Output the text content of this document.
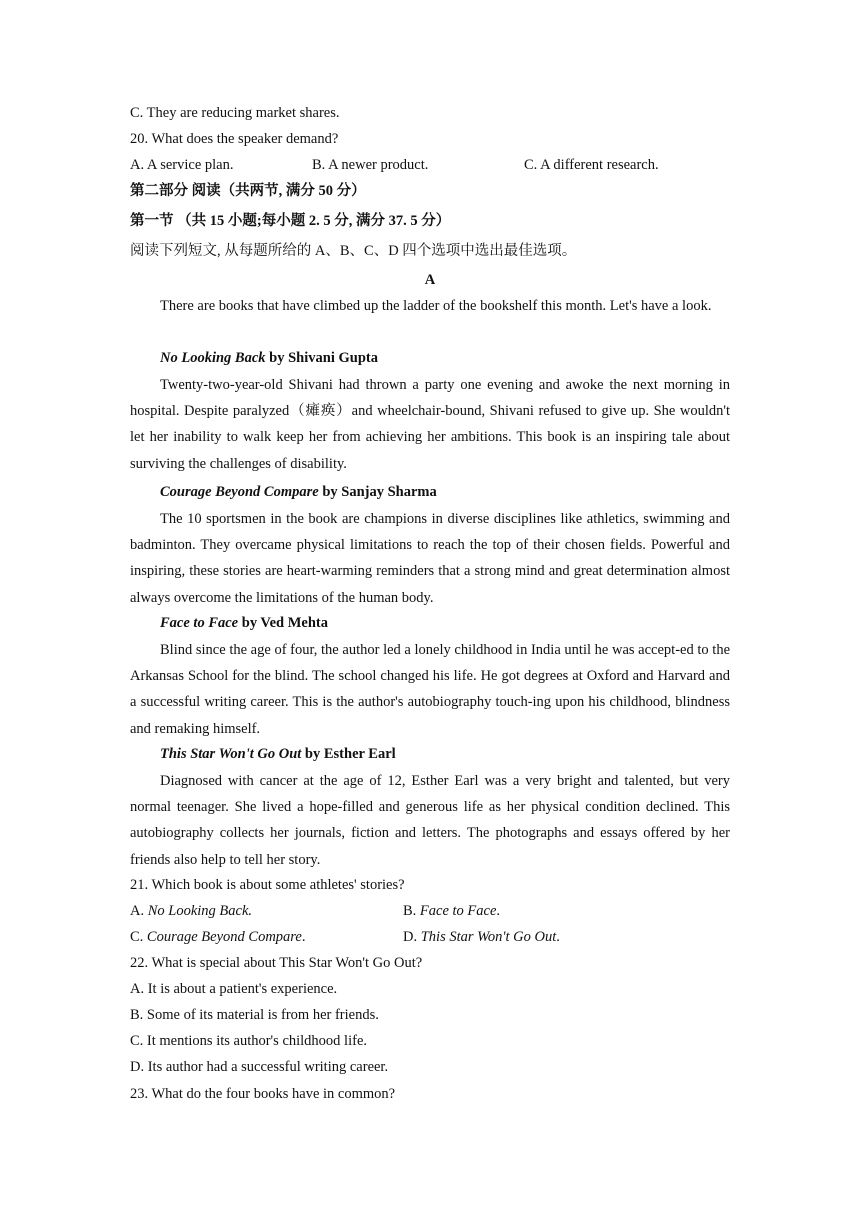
C. They are reducing market shares.
20. What does the speaker demand?
A. A service plan.	B. A newer product.	C. A different research.
第二部分 阅读（共两节, 满分 50 分）
第一节 （共 15 小题;每小题 2. 5 分, 满分 37. 5 分）
阅读下列短文, 从每题所给的 A、B、C、D 四个选项中选出最佳选项。
A

There are books that have climbed up the ladder of the bookshelf this month. Let's have a look.

No Looking Back by Shivani Gupta

Twenty-two-year-old Shivani had thrown a party one evening and awoke the next morning in hospital. Despite paralyzed（瘫痪）and wheelchair-bound, Shivani refused to give up. She wouldn't let her inability to walk keep her from achieving her ambitions. This book is an inspiring tale about surviving the challenges of disability.

Courage Beyond Compare by Sanjay Sharma

The 10 sportsmen in the book are champions in diverse disciplines like athletics, swimming and badminton. They overcame physical limitations to reach the top of their chosen fields. Powerful and inspiring, these stories are heart-warming reminders that a strong mind and great determination almost always overcome the limitations of the human body.

Face to Face by Ved Mehta

Blind since the age of four, the author led a lonely childhood in India until he was accept-ed to the Arkansas School for the blind. The school changed his life. He got degrees at Oxford and Harvard and a successful writing career. This is the author's autobiography touch-ing upon his childhood, blindness and remaking himself.

This Star Won't Go Out by Esther Earl

Diagnosed with cancer at the age of 12, Esther Earl was a very bright and talented, but very normal teenager. She lived a hope-filled and generous life as her physical condition declined. This autobiography collects her journals, fiction and letters. The photographs and essays offered by her friends also help to tell her story.

21. Which book is about some athletes' stories?
A. No Looking Back.	B. Face to Face.
C. Courage Beyond Compare.	D. This Star Won't Go Out.
22. What is special about This Star Won't Go Out?
A. It is about a patient's experience.
B. Some of its material is from her friends.
C. It mentions its author's childhood life.
D. Its author had a successful writing career.
23. What do the four books have in common?
